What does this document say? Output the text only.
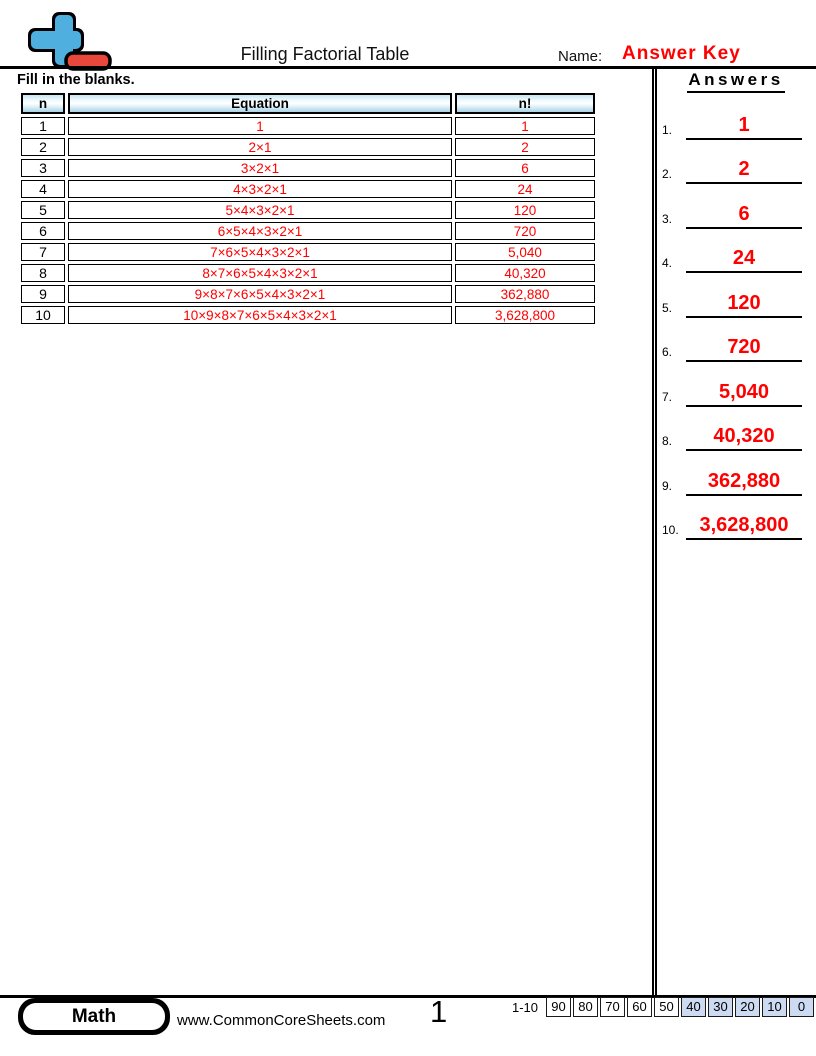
Filling Factorial Table	Name: Answer Key
Fill in the blanks.
n	Equation	n!
1	1	1
2	2×1	2
3	3×2×1	6
4	4×3×2×1	24
5	5×4×3×2×1	120
6	6×5×4×3×2×1	720
7	7×6×5×4×3×2×1	5,040
8	8×7×6×5×4×3×2×1	40,320
9	9×8×7×6×5×4×3×2×1	362,880
10	10×9×8×7×6×5×4×3×2×1	3,628,800
Answers
1.	1
2.	2
3.	6
4.	24
5.	120
6.	720
7.	5,040
8.	40,320
9.	362,880
10.	3,628,800
Math	www.CommonCoreSheets.com 1	1-10	90 80 70 60 50 40 30 20 10	0
